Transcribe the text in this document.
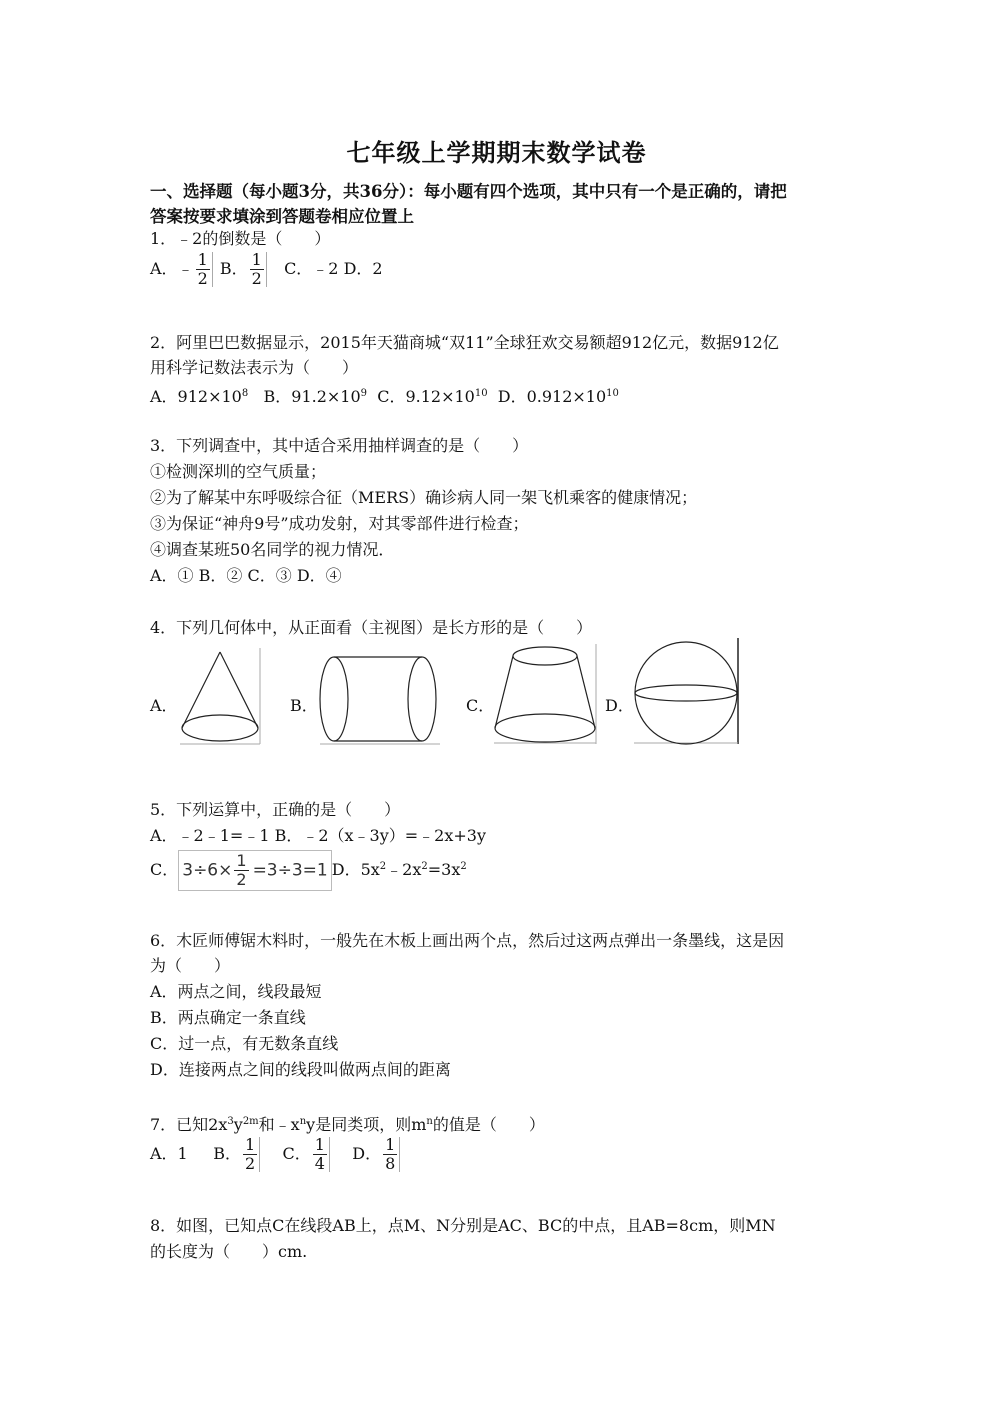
七年级上学期期末数学试卷
一、选择题（每小题3分，共36分）：每小题有四个选项，其中只有一个是正确的，请把
答案按要求填涂到答题卷相应位置上
1．﹣2的倒数是（　　）
A．﹣ $\frac{1}{2}$ B． $\frac{1}{2}$ C．﹣2 D．2
2．阿里巴巴数据显示，2015年天猫商城“双11”全球狂欢交易额超912亿元，数据912亿
用科学记数法表示为（　　）
A．$912\times 10^8$ B．$91.2\times 10^9$ C．$9.12\times 10^{10}$ D．$0.912\times 10^{10}$
3．下列调查中，其中适合采用抽样调查的是（　　）
①检测深圳的空气质量；
②为了解某中东呼吸综合征（MERS）确诊病人同一架飞机乘客的健康情况；
③为保证“神舟9号”成功发射，对其零部件进行检查；
④调查某班50名同学的视力情况．
A．① B．② C．③ D．④
4．下列几何体中，从正面看（主视图）是长方形的是（　　）
A．	B．	C．	D．
5．下列运算中，正确的是（　　）
A．﹣2﹣1=﹣1 B．﹣2（x﹣3y）=﹣2x+3y
C． $3\div 6\times \frac{1}{2} =3\div 3=1$ D．$5x^2﹣2x^2=3x^2$
6．木匠师傅锯木料时，一般先在木板上画出两个点，然后过这两点弹出一条墨线，这是因
为（　　）
A．两点之间，线段最短
B．两点确定一条直线
C．过一点，有无数条直线
D．连接两点之间的线段叫做两点间的距离
7．已知$2x^3y^{2m}$和$﹣x^ny$是同类项，则$m^n$的值是（　　）
A．1 B． $\frac{1}{2}$ C． $\frac{1}{4}$ D． $\frac{1}{8}$
8．如图，已知点C在线段AB上，点M、N分别是AC、BC的中点，且AB=8cm，则MN
的长度为（　　）cm.
